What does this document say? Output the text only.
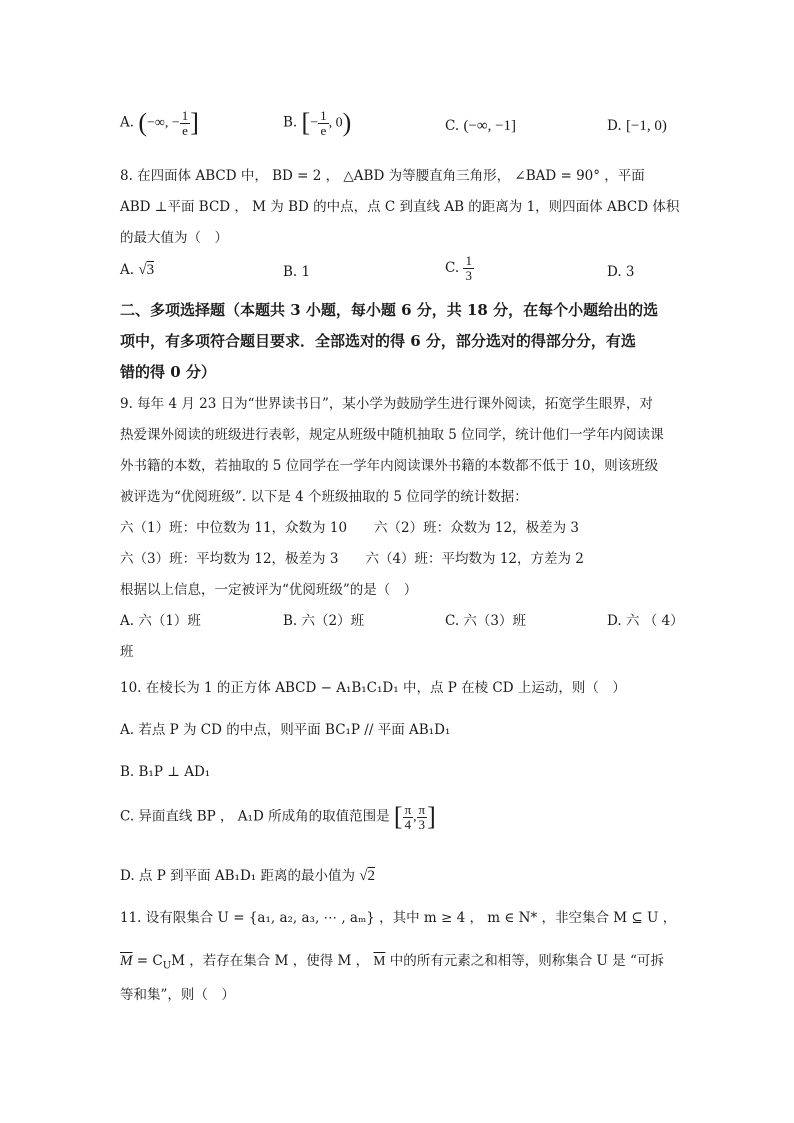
A. (−∞, − $\frac{1}{e}$ ]	B. [− $\frac{1}{e}$ , 0)	C. (−∞, −1]	D. [−1, 0)
8. 在四面体 ABCD 中， BD = 2 ， △ABD 为等腰直角三角形， ∠BAD = 90° ，平面
ABD ⊥平面 BCD ， M 为 BD 的中点，点 C 到直线 AB 的距离为 1，则四面体 ABCD 体积
的最大值为（　）
A. √3	B. 1	C. $\frac{1}{3}$	D. 3
二、多项选择题（本题共 3 小题，每小题 6 分，共 18 分，在每个小题给出的选
项中，有多项符合题目要求．全部选对的得 6 分，部分选对的得部分分，有选
错的得 0 分）
9. 每年 4 月 23 日为“世界读书日”，某小学为鼓励学生进行课外阅读，拓宽学生眼界，对
热爱课外阅读的班级进行表彰，规定从班级中随机抽取 5 位同学，统计他们一学年内阅读课
外书籍的本数，若抽取的 5 位同学在一学年内阅读课外书籍的本数都不低于 10，则该班级
被评选为“优阅班级”. 以下是 4 个班级抽取的 5 位同学的统计数据：
六（1）班：中位数为 11，众数为 10　　六（2）班：众数为 12，极差为 3
六（3）班：平均数为 12，极差为 3　　六（4）班：平均数为 12，方差为 2
根据以上信息，一定被评为“优阅班级”的是（　）
A. 六（1）班	B. 六（2）班	C. 六（3）班	D. 六 （ 4）
班
10. 在棱长为 1 的正方体 ABCD − A₁B₁C₁D₁ 中，点 P 在棱 CD 上运动，则（　）
A. 若点 P 为 CD 的中点，则平面 BC₁P // 平面 AB₁D₁
B. B₁P ⊥ AD₁
C. 异面直线 BP ， A₁D 所成角的取值范围是 [ $\frac{\pi}{4}$ , $\frac{\pi}{3}$ ]
D. 点 P 到平面 AB₁D₁ 距离的最小值为 √2
11. 设有限集合 U = {a₁, a₂, a₃, ⋯ , aₘ} ，其中 m ≥ 4 ， m ∈ N* ，非空集合 M ⊆ U ，
$\overline{M} = C_UM$ ，若存在集合 M ，使得 M ， $\overline{M}$ 中的所有元素之和相等，则称集合 U 是 “可拆
等和集”，则（　）
